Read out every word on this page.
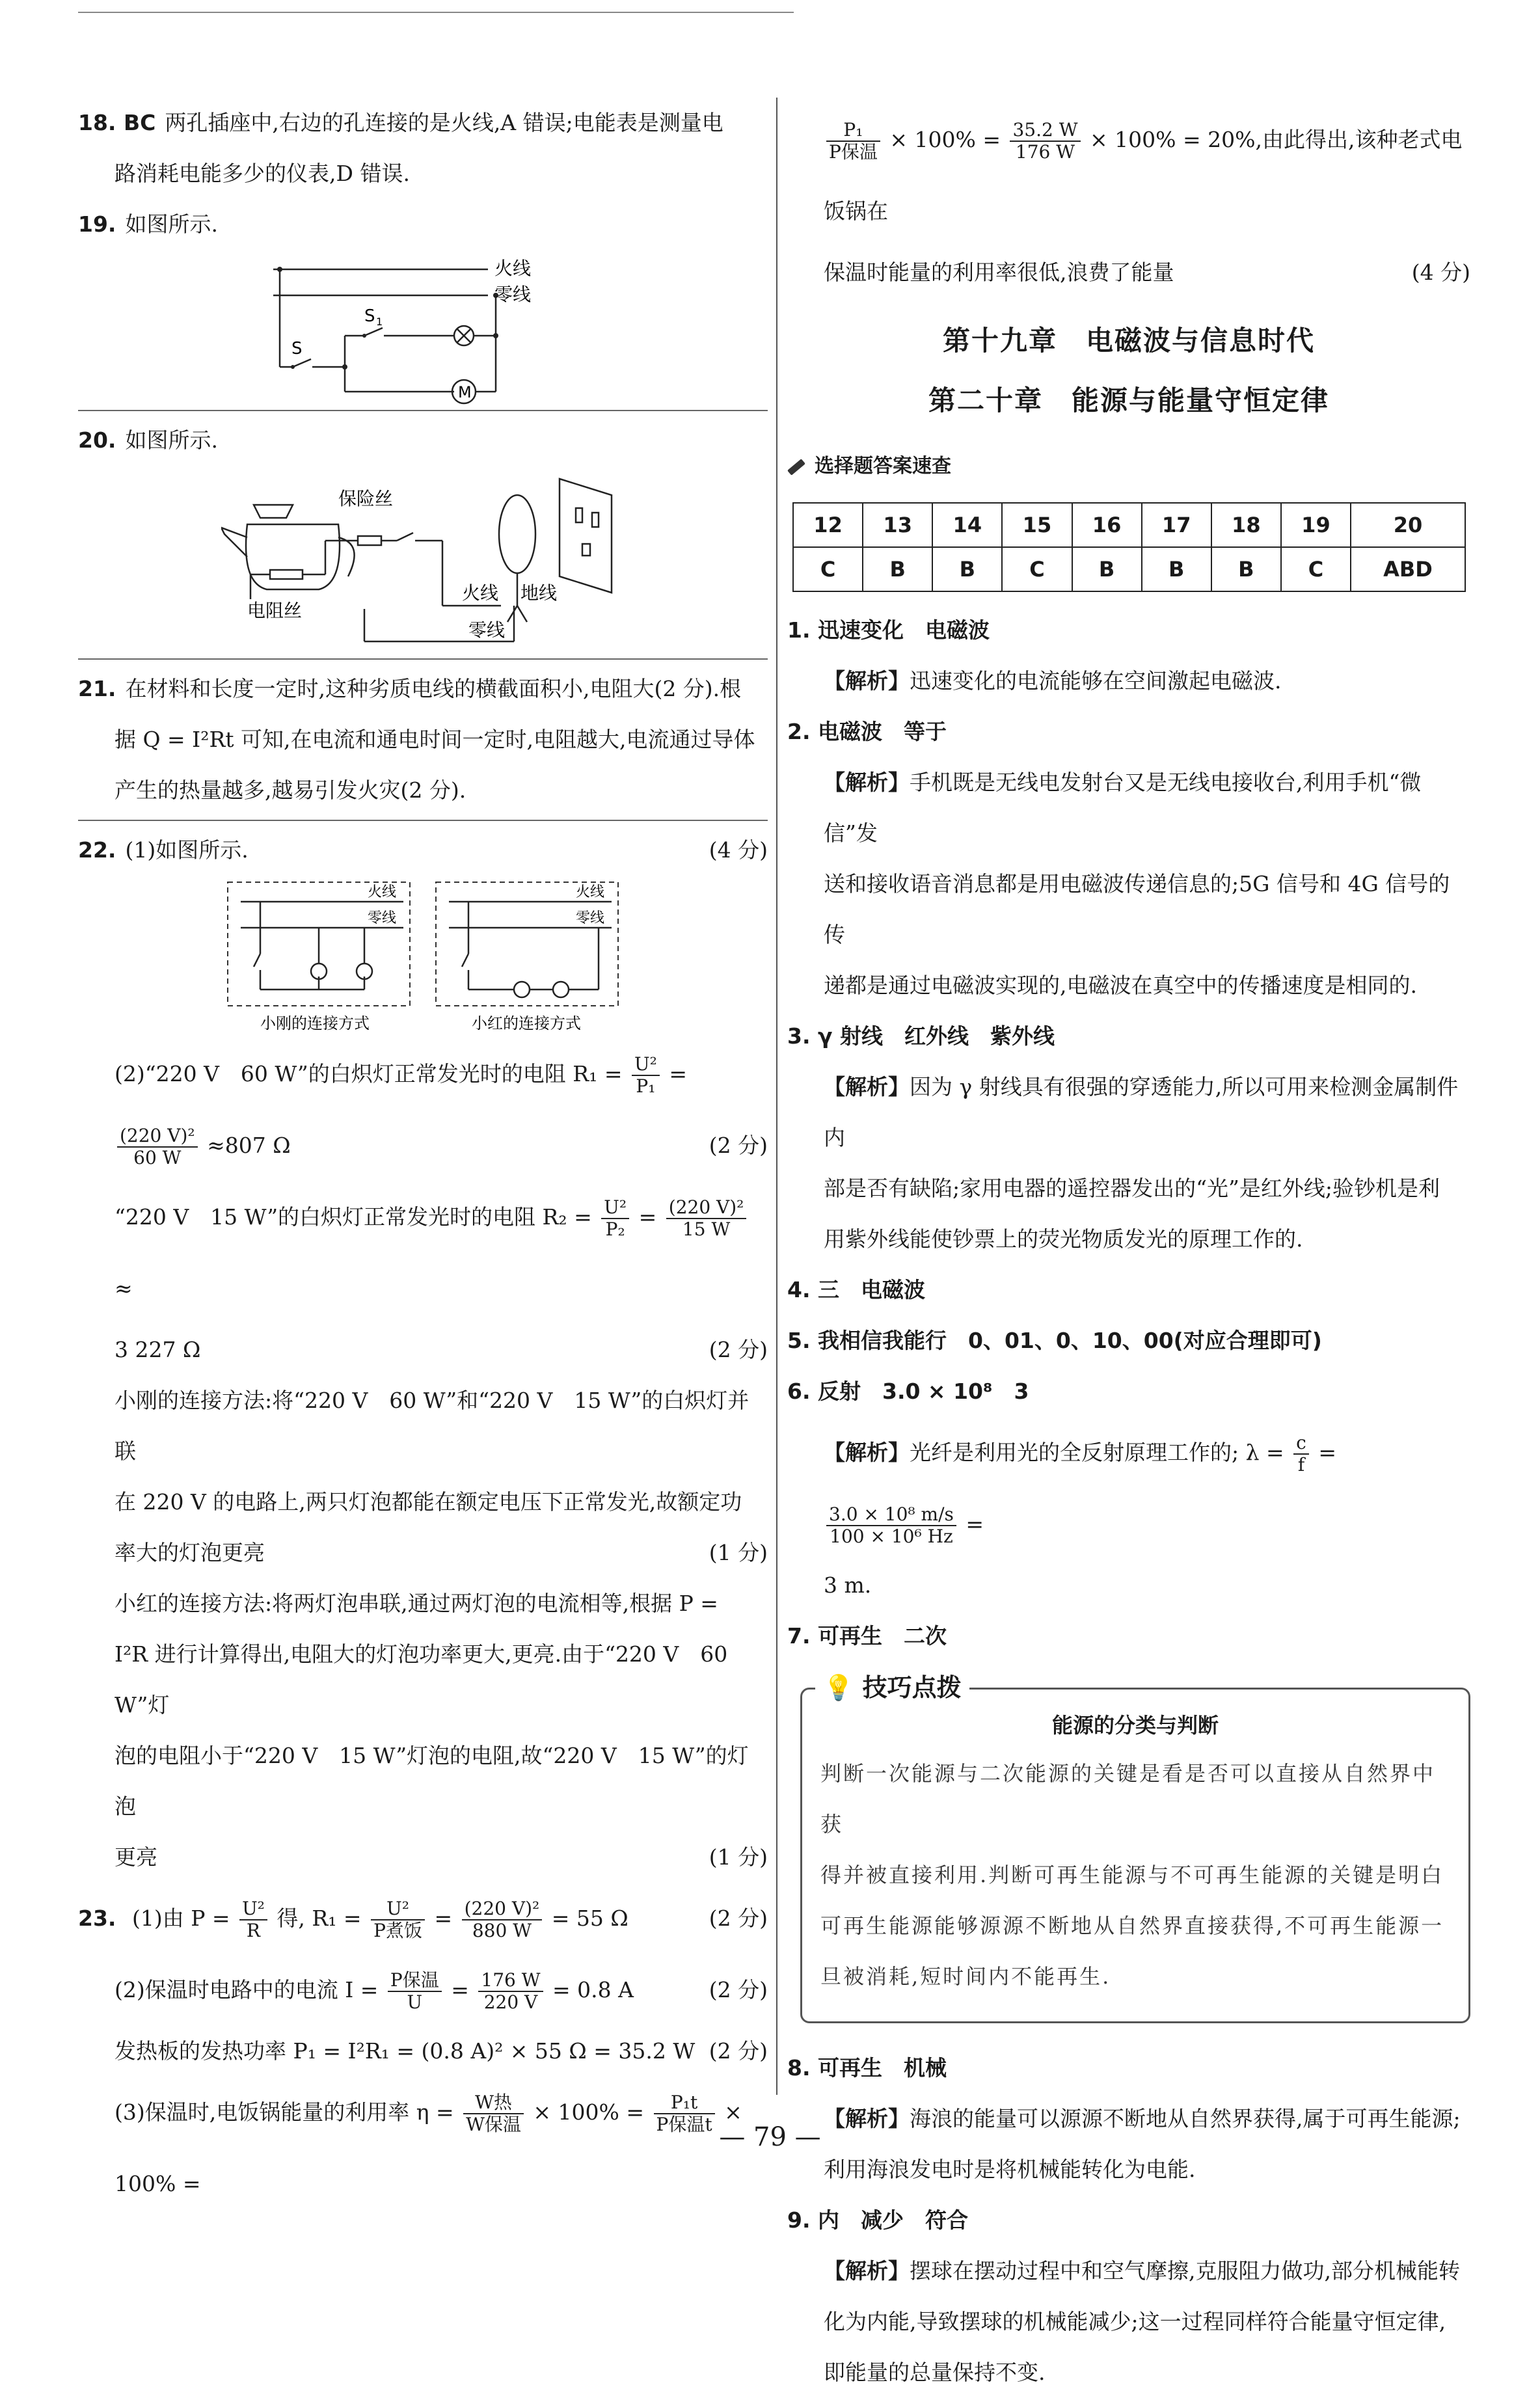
18. BC 两孔插座中,右边的孔连接的是火线,A 错误;电能表是测量电

路消耗电能多少的仪表,D 错误.

19. 如图所示.

火线
零线
S
S 1
M

20. 如图所示.

保险丝
电阻丝
火线 地线
零线

21. 在材料和长度一定时,这种劣质电线的横截面积小,电阻大(2 分).根

据 Q = I²Rt 可知,在电流和通电时间一定时,电阻越大,电流通过导体

产生的热量越多,越易引发火灾(2 分).

22. (1)如图所示.	(4 分)

火线
零线
火线
零线
小刚的连接方式	小红的连接方式

(2)“220 V　60 W”的白炽灯正常发光时的电阻 $R_1 = \frac{\text{U²}}{\text{P₁}}$ =

$\frac{\text{(220 V)²}}{60 W} \approx 807$ Ω	(2 分)

“220 V　15 W”的白炽灯正常发光时的电阻 $R_2 = \frac{\text{U²}}{\text{P₂}} = \frac{\text{(220 V)²}}{15 W}$
≈

3 227 Ω	(2 分)

小刚的连接方法:将“220 V　60 W”和“220 V　15 W”的白炽灯并联

在 220 V 的电路上,两只灯泡都能在额定电压下正常发光,故额定功

率大的灯泡更亮	(1 分)

小红的连接方法:将两灯泡串联,通过两灯泡的电流相等,根据 P =

I²R 进行计算得出,电阻大的灯泡功率更大,更亮.由于“220 V　60 W”灯

泡的电阻小于“220 V　15 W”灯泡的电阻,故“220 V　15 W”的灯泡

更亮	(1 分)

23. (1)由 $P = \frac{\text{U²}}{R}$ 得, $R_1 = \frac{\text{U²}}{\text{P煮饭}} = \frac{\text{(220 V)²}}{880 W} = 55$ Ω	(2 分)

(2)保温时电路中的电流 $I = \frac{\text{P保温}}{U} = \frac{176 W}{220 V} = 0.8$ A	(2 分)

发热板的发热功率 P₁ = I²R₁ = (0.8 A)² × 55 Ω = 35.2 W (2 分)

(3)保温时,电饭锅能量的利用率 $\eta = \frac{\text{W热}}{\text{W保温}} \times 100\% = \frac{\text{P₁t}}{\text{P保温t}} \times 100\%$ =

$\frac{\text{P₁}}{\text{P保温}} \times 100\% = \frac{35.2 W}{176 W} \times 100\% = 20\%$,由此得出,该种老式电饭锅在

保温时能量的利用率很低,浪费了能量	(4 分)

第十九章　电磁波与信息时代
第二十章　能源与能量守恒定律
选择题答案速查
12	13	14	15	16	17	18	19	20
C	B	B	C	B	B	B	C	ABD

1. 迅速变化　电磁波

【解析】迅速变化的电流能够在空间激起电磁波.

2. 电磁波　等于

【解析】手机既是无线电发射台又是无线电接收台,利用手机“微信”发

送和接收语音消息都是用电磁波传递信息的;5G 信号和 4G 信号的传

递都是通过电磁波实现的,电磁波在真空中的传播速度是相同的.

3. γ 射线　红外线　紫外线

【解析】因为 γ 射线具有很强的穿透能力,所以可用来检测金属制件内

部是否有缺陷;家用电器的遥控器发出的“光”是红外线;验钞机是利

用紫外线能使钞票上的荧光物质发光的原理工作的.

4. 三　电磁波

5. 我相信我能行　0、01、0、10、00(对应合理即可)

6. 反射　3.0 × 10⁸　3

【解析】光纤是利用光的全反射原理工作的; $\lambda = \frac{c}{f}$ =
$\frac{\text{3.0 × 10⁸ m/s}}{\text{100 × 10⁶ Hz}}$ =

3 m.

7. 可再生　二次

💡 技巧点拨
能源的分类与判断
判断一次能源与二次能源的关键是看是否可以直接从自然界中获
得并被直接利用.判断可再生能源与不可再生能源的关键是明白
可再生能源能够源源不断地从自然界直接获得,不可再生能源一
旦被消耗,短时间内不能再生.

8. 可再生　机械

【解析】海浪的能量可以源源不断地从自然界获得,属于可再生能源;

利用海浪发电时是将机械能转化为电能.

9. 内　减少　符合

【解析】摆球在摆动过程中和空气摩擦,克服阻力做功,部分机械能转

化为内能,导致摆球的机械能减少;这一过程同样符合能量守恒定律,

即能量的总量保持不变.

— 79 —
